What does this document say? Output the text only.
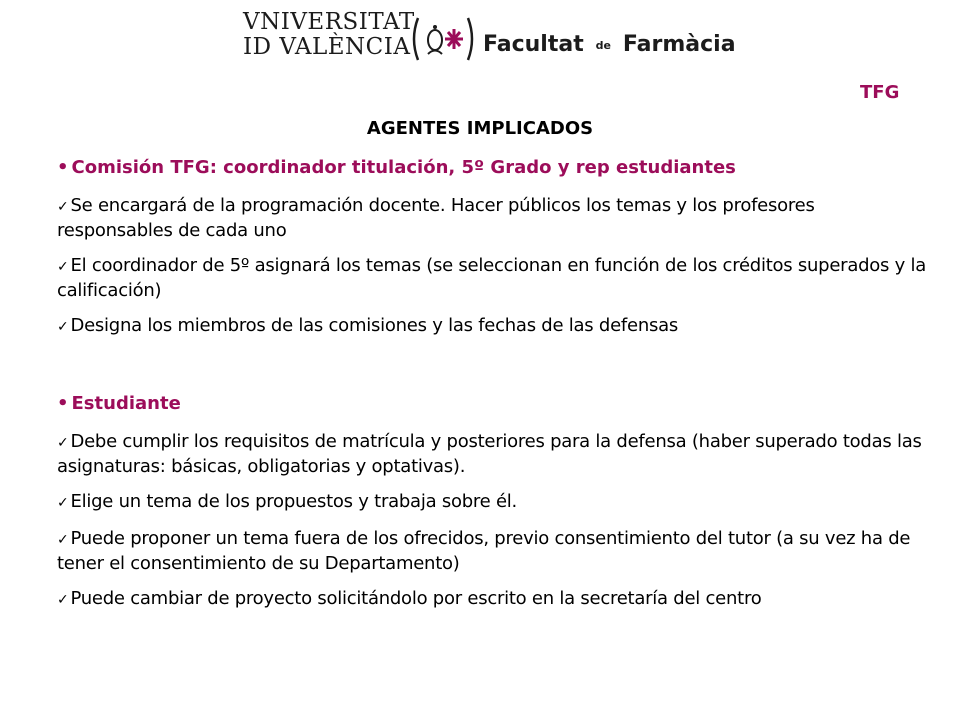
VNIVERSITAT
ID VALÈNCIA	Facultat de Farmàcia
TFG
AGENTES IMPLICADOS
• Comisión TFG: coordinador titulación, 5º Grado y rep estudiantes
✓ Se encargará de la programación docente. Hacer públicos los temas y los profesores responsables de cada uno
✓ El coordinador de 5º asignará los temas (se seleccionan en función de los créditos superados y la calificación)
✓ Designa los miembros de las comisiones y las fechas de las defensas
• Estudiante
✓ Debe cumplir los requisitos de matrícula y posteriores para la defensa (haber superado todas las asignaturas: básicas, obligatorias y optativas).
✓ Elige un tema de los propuestos y trabaja sobre él.
✓ Puede proponer un tema fuera de los ofrecidos, previo consentimiento del tutor (a su vez ha de tener el consentimiento de su Departamento)
✓ Puede cambiar de proyecto solicitándolo por escrito en la secretaría del centro
